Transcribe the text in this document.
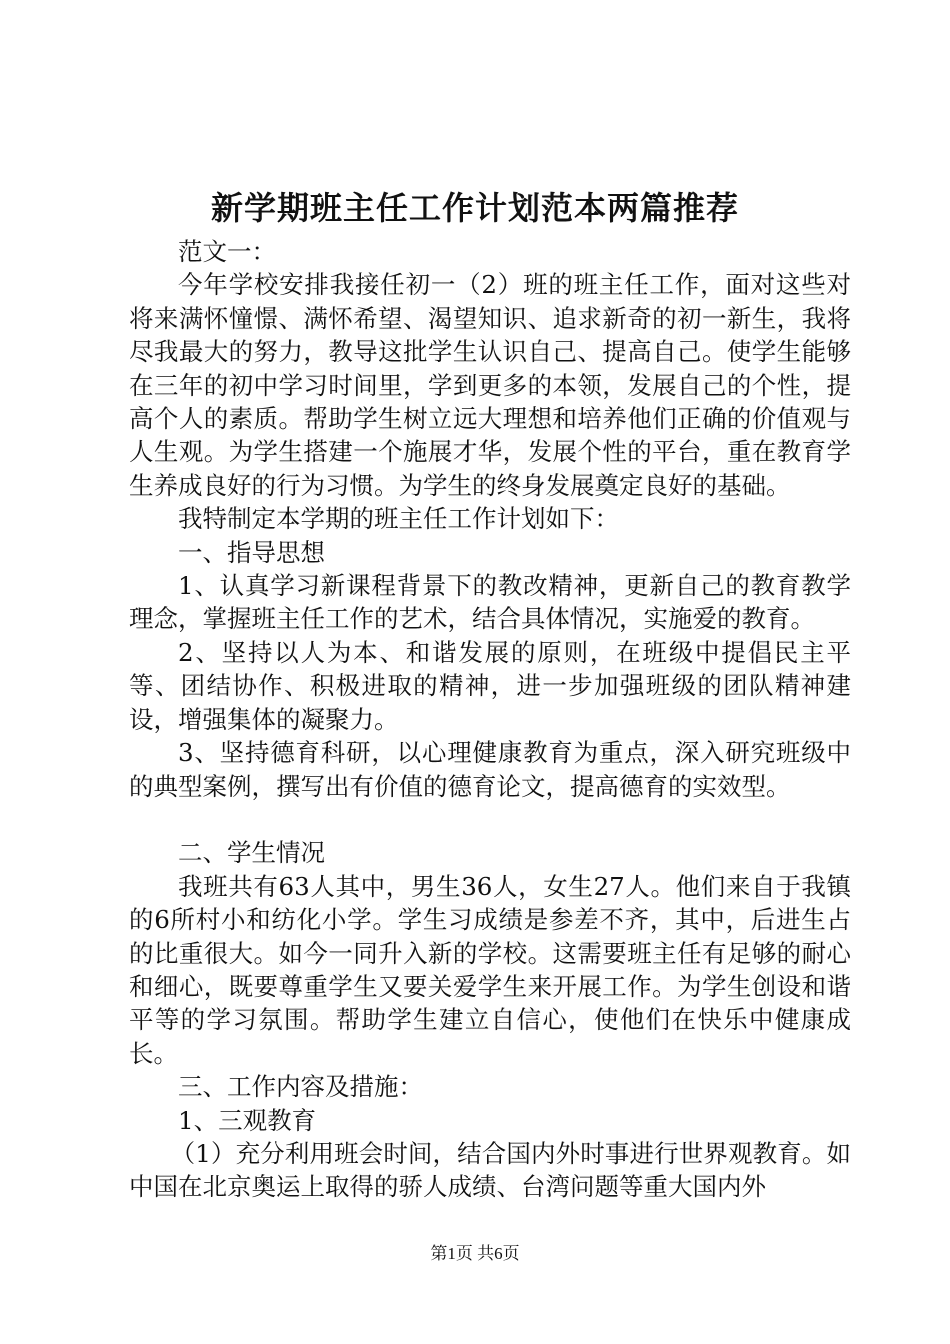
新学期班主任工作计划范本两篇推荐

范文一：

今年学校安排我接任初一（2）班的班主任工作，面对这些对将来满怀憧憬、满怀希望、渴望知识、追求新奇的初一新生，我将尽我最大的努力，教导这批学生认识自己、提高自己。使学生能够在三年的初中学习时间里，学到更多的本领，发展自己的个性，提高个人的素质。帮助学生树立远大理想和培养他们正确的价值观与人生观。为学生搭建一个施展才华，发展个性的平台，重在教育学生养成良好的行为习惯。为学生的终身发展奠定良好的基础。

我特制定本学期的班主任工作计划如下：

一、指导思想

1、认真学习新课程背景下的教改精神，更新自己的教育教学理念，掌握班主任工作的艺术，结合具体情况，实施爱的教育。

2、坚持以人为本、和谐发展的原则，在班级中提倡民主平等、团结协作、积极进取的精神，进一步加强班级的团队精神建设，增强集体的凝聚力。

3、坚持德育科研，以心理健康教育为重点，深入研究班级中的典型案例，撰写出有价值的德育论文，提高德育的实效型。

二、学生情况

我班共有63人其中，男生36人，女生27人。他们来自于我镇的6所村小和纺化小学。学生习成绩是参差不齐，其中，后进生占的比重很大。如今一同升入新的学校。这需要班主任有足够的耐心和细心，既要尊重学生又要关爱学生来开展工作。为学生创设和谐平等的学习氛围。帮助学生建立自信心，使他们在快乐中健康成长。

三、工作内容及措施：

1、三观教育

（1）充分利用班会时间，结合国内外时事进行世界观教育。如中国在北京奥运上取得的骄人成绩、台湾问题等重大国内外

第1页 共6页
